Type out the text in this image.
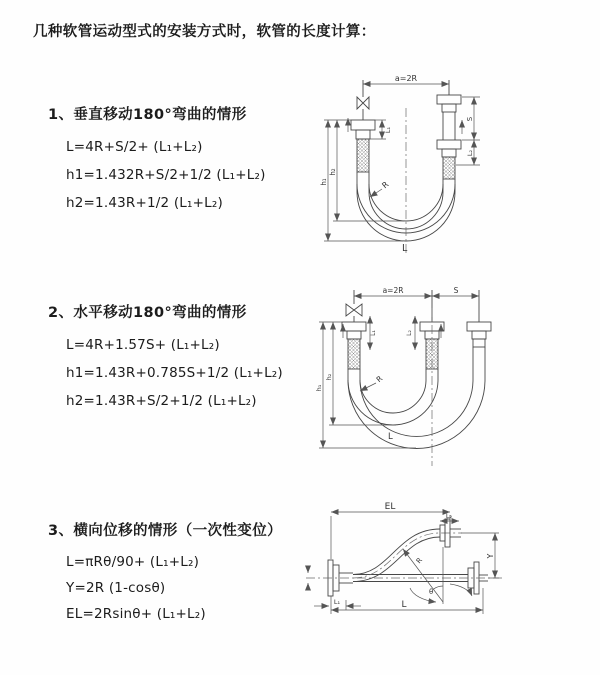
几种软管运动型式的安装方式时，软管的长度计算：
1、垂直移动180°弯曲的情形

L=4R+S/2+ (L₁+L₂)

h1=1.432R+S/2+1/2 (L₁+L₂)

h2=1.43R+1/2 (L₁+L₂)

2、水平移动180°弯曲的情形

L=4R+1.57S+ (L₁+L₂)

h1=1.43R+0.785S+1/2 (L₁+L₂)

h2=1.43R+S/2+1/2 (L₁+L₂)

3、横向位移的情形（一次性变位）

L=πRθ/90+ (L₁+L₂)

Y=2R (1-cosθ)

EL=2Rsinθ+ (L₁+L₂)

a=2R
S
L₂
h₁
h₂
L₁
R
L
a=2R	S
L₁	L₂
h₁
h₂	R
L
EL
L₂
Y
θ
R
L₁	L
